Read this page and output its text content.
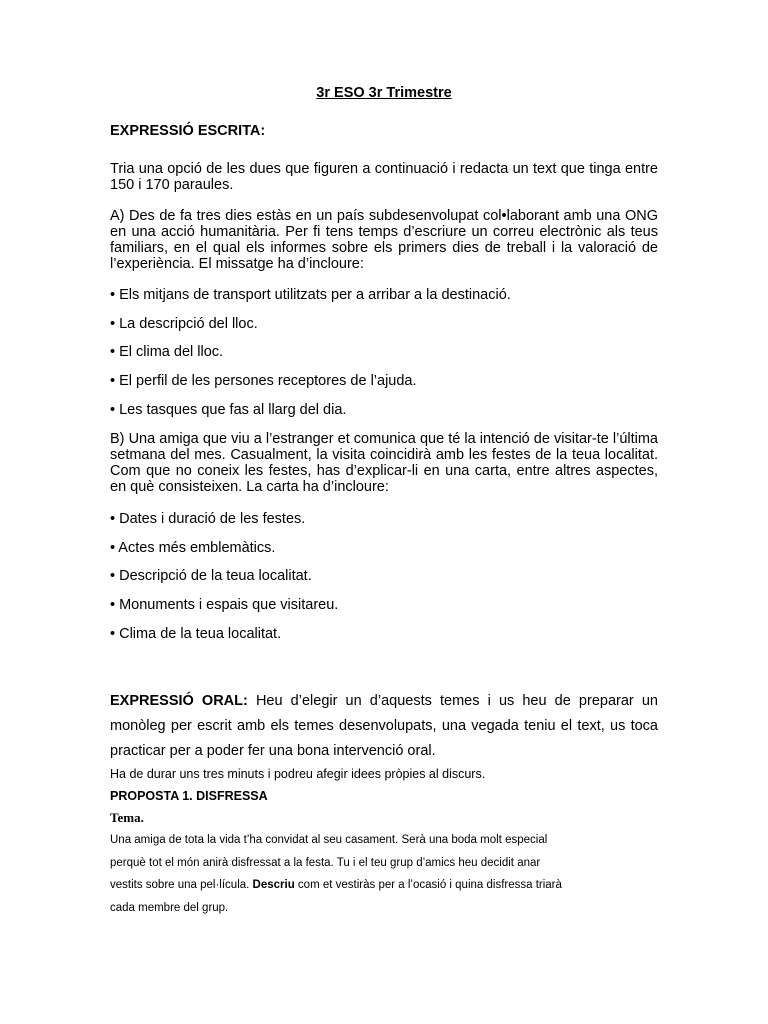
3r ESO 3r Trimestre
EXPRESSIÓ ESCRITA:
Tria una opció de les dues que figuren a continuació i redacta un text que tinga entre 150 i 170 paraules.
A) Des de fa tres dies estàs en un país subdesenvolupat col•laborant amb una ONG en una acció humanitària. Per fi tens temps d’escriure un correu electrònic als teus familiars, en el qual els informes sobre els primers dies de treball i la valoració de l’experiència. El missatge ha d’incloure:
• Els mitjans de transport utilitzats per a arribar a la destinació.
• La descripció del lloc.
• El clima del lloc.
• El perfil de les persones receptores de l’ajuda.
• Les tasques que fas al llarg del dia.
B) Una amiga que viu a l’estranger et comunica que té la intenció de visitar-te l’última setmana del mes. Casualment, la visita coincidirà amb les festes de la teua localitat. Com que no coneix les festes, has d’explicar-li en una carta, entre altres aspectes, en què consisteixen. La carta ha d’incloure:
• Dates i duració de les festes.
• Actes més emblemàtics.
• Descripció de la teua localitat.
• Monuments i espais que visitareu.
• Clima de la teua localitat.
EXPRESSIÓ ORAL: Heu d’elegir un d’aquests temes i us heu de preparar un monòleg per escrit amb els temes desenvolupats, una vegada teniu el text, us toca practicar per a poder fer una bona intervenció oral.
Ha de durar uns tres minuts i podreu afegir idees pròpies al discurs.
PROPOSTA 1. DISFRESSA
Tema.
Una amiga de tota la vida t’ha convidat al seu casament. Serà una boda molt especial
perquè tot el món anirà disfressat a la festa. Tu i el teu grup d’amics heu decidit anar
vestits sobre una pel·lícula. Descriu com et vestiràs per a l’ocasió i quina disfressa triarà
cada membre del grup.
